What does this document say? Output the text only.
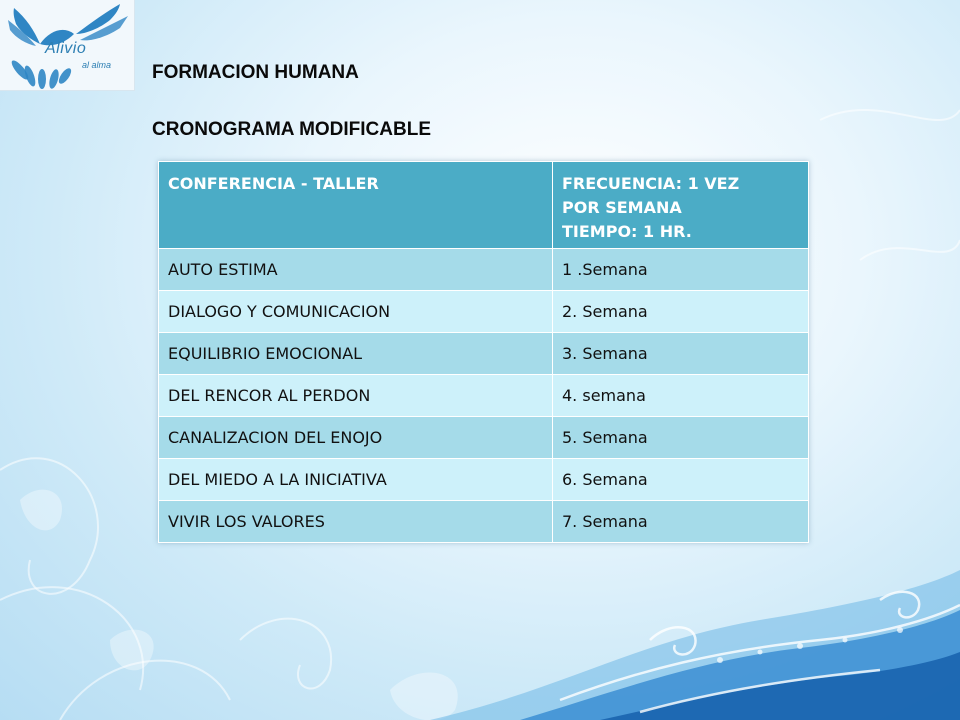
Alivio
al alma FORMACION HUMANA
CRONOGRAMA MODIFICABLE
CONFERENCIA - TALLER	FRECUENCIA: 1 VEZ
POR SEMANA
TIEMPO: 1 HR.

AUTO ESTIMA	1 .Semana
DIALOGO Y COMUNICACION	2. Semana
EQUILIBRIO EMOCIONAL	3. Semana
DEL RENCOR AL PERDON	4. semana
CANALIZACION DEL ENOJO	5. Semana
DEL MIEDO A LA INICIATIVA	6. Semana
VIVIR LOS VALORES	7. Semana
